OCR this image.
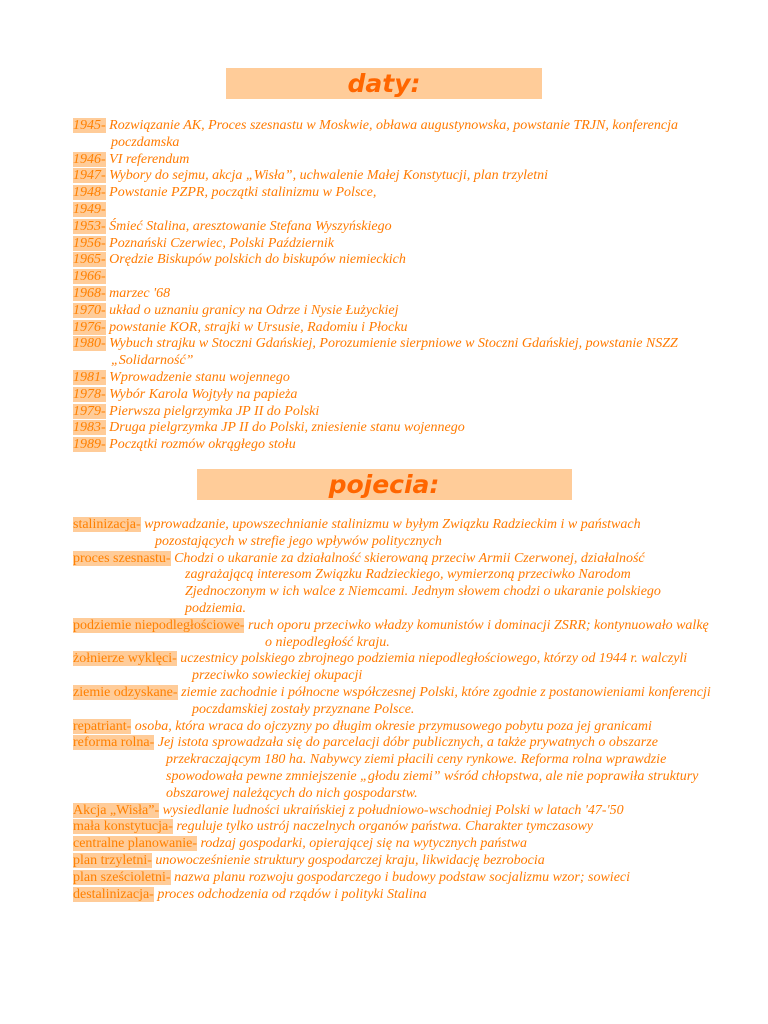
daty:
1945- Rozwiązanie AK, Proces szesnastu w Moskwie, obława augustynowska, powstanie TRJN, konferencja poczdamska
1946- VI referendum
1947- Wybory do sejmu, akcja „Wisła”, uchwalenie Małej Konstytucji, plan trzyletni
1948- Powstanie PZPR, początki stalinizmu w Polsce,
1949-
1953- Śmieć Stalina, aresztowanie Stefana Wyszyńskiego
1956- Poznański Czerwiec, Polski Październik
1965- Orędzie Biskupów polskich do biskupów niemieckich
1966-
1968- marzec '68
1970- układ o uznaniu granicy na Odrze i Nysie Łużyckiej
1976- powstanie KOR, strajki w Ursusie, Radomiu i Płocku
1980- Wybuch strajku w Stoczni Gdańskiej, Porozumienie sierpniowe w Stoczni Gdańskiej, powstanie NSZZ „Solidarność”
1981- Wprowadzenie stanu wojennego
1978- Wybór Karola Wojtyły na papieża
1979- Pierwsza pielgrzymka JP II do Polski
1983- Druga pielgrzymka JP II do Polski, zniesienie stanu wojennego
1989- Początki rozmów okrągłego stołu
pojecia:
stalinizacja- wprowadzanie, upowszechnianie stalinizmu w byłym Związku Radzieckim i w państwach pozostających w strefie jego wpływów politycznych
proces szesnastu- Chodzi o ukaranie za działalność skierowaną przeciw Armii Czerwonej, działalność zagrażającą interesom Związku Radzieckiego, wymierzoną przeciwko Narodom Zjednoczonym w ich walce z Niemcami. Jednym słowem chodzi o ukaranie polskiego podziemia.
podziemie niepodległościowe- ruch oporu przeciwko władzy komunistów i dominacji ZSRR; kontynuowało walkę o niepodległość kraju.
żołnierze wyklęci- uczestnicy polskiego zbrojnego podziemia niepodległościowego, którzy od 1944 r. walczyli przeciwko sowieckiej okupacji
ziemie odzyskane- ziemie zachodnie i północne współczesnej Polski, które zgodnie z postanowieniami konferencji poczdamskiej zostały przyznane Polsce.
repatriant- osoba, która wraca do ojczyzny po długim okresie przymusowego pobytu poza jej granicami
reforma rolna- Jej istota sprowadzała się do parcelacji dóbr publicznych, a także prywatnych o obszarze przekraczającym 180 ha. Nabywcy ziemi płacili ceny rynkowe. Reforma rolna wprawdzie spowodowała pewne zmniejszenie „głodu ziemi” wśród chłopstwa, ale nie poprawiła struktury obszarowej należących do nich gospodarstw.
Akcja „Wisła”- wysiedlanie ludności ukraińskiej z południowo-wschodniej Polski w latach '47-'50
mała konstytucja- reguluje tylko ustrój naczelnych organów państwa. Charakter tymczasowy
centralne planowanie- rodzaj gospodarki, opierającej się na wytycznych państwa
plan trzyletni- unowocześnienie struktury gospodarczej kraju, likwidację bezrobocia
plan sześcioletni- nazwa planu rozwoju gospodarczego i budowy podstaw socjalizmu wzor; sowieci
destalinizacja- proces odchodzenia od rządów i polityki Stalina
